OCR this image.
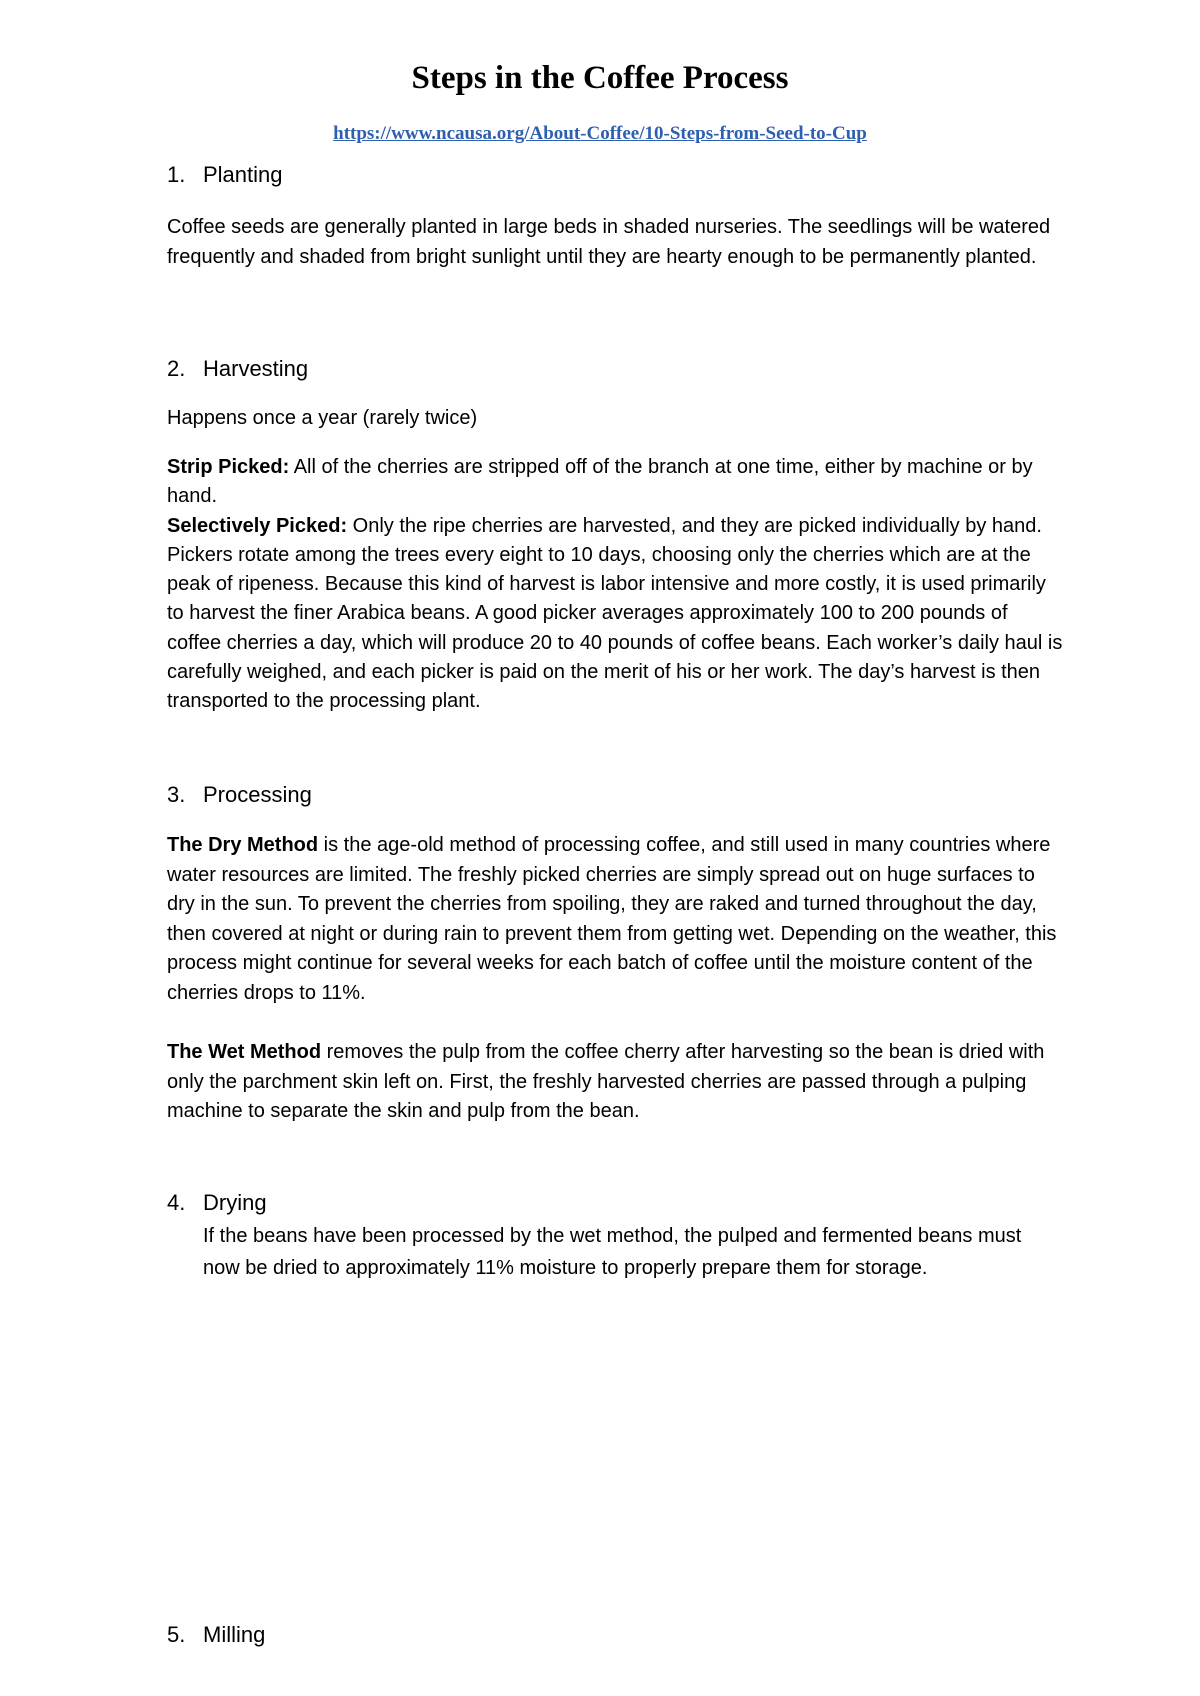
Steps in the Coffee Process
https://www.ncausa.org/About-Coffee/10-Steps-from-Seed-to-Cup
1. Planting

Coffee seeds are generally planted in large beds in shaded nurseries. The seedlings will be watered frequently and shaded from bright sunlight until they are hearty enough to be permanently planted.

2. Harvesting

Happens once a year (rarely twice)

Strip Picked: All of the cherries are stripped off of the branch at one time, either by machine or by hand.
Selectively Picked: Only the ripe cherries are harvested, and they are picked individually by hand. Pickers rotate among the trees every eight to 10 days, choosing only the cherries which are at the peak of ripeness. Because this kind of harvest is labor intensive and more costly, it is used primarily to harvest the finer Arabica beans. A good picker averages approximately 100 to 200 pounds of coffee cherries a day, which will produce 20 to 40 pounds of coffee beans. Each worker’s daily haul is carefully weighed, and each picker is paid on the merit of his or her work. The day’s harvest is then transported to the processing plant.
3. Processing

The Dry Method is the age-old method of processing coffee, and still used in many countries where water resources are limited. The freshly picked cherries are simply spread out on huge surfaces to dry in the sun. To prevent the cherries from spoiling, they are raked and turned throughout the day, then covered at night or during rain to prevent them from getting wet. Depending on the weather, this process might continue for several weeks for each batch of coffee until the moisture content of the cherries drops to 11%.

The Wet Method removes the pulp from the coffee cherry after harvesting so the bean is dried with only the parchment skin left on. First, the freshly harvested cherries are passed through a pulping machine to separate the skin and pulp from the bean.

4. Drying

If the beans have been processed by the wet method, the pulped and fermented beans must now be dried to approximately 11% moisture to properly prepare them for storage.

5. Milling
